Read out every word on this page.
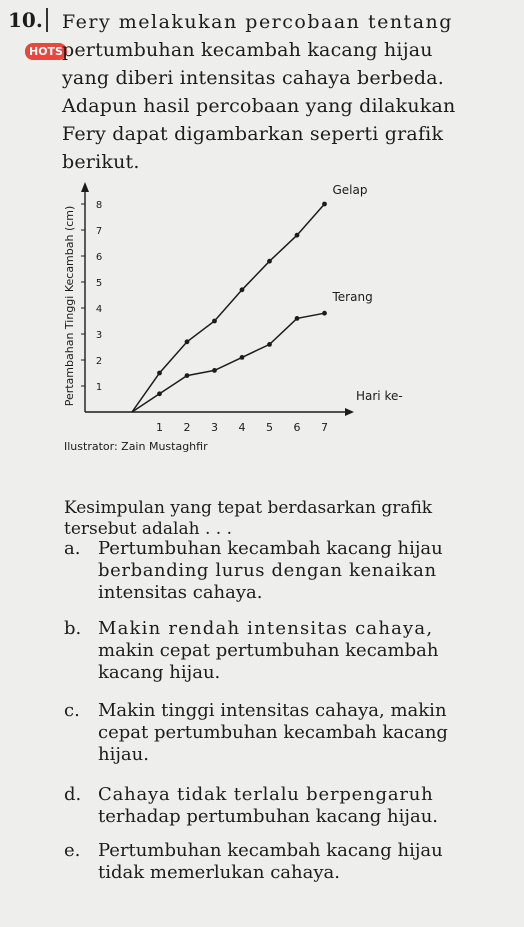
10.
HOTS
Fery melakukan percobaan tentang
pertumbuhan kecambah kacang hijau
yang diberi intensitas cahaya berbeda.
Adapun hasil percobaan yang dilakukan
Fery dapat digambarkan seperti grafik
berikut.
1
2
3
4
5
6
7
8
1 2 3 4 5 6 7
Hari ke-
Pertambahan Tinggi Kecambah (cm)
Gelap
Terang
Ilustrator: Zain Mustaghfir
Kesimpulan yang tepat berdasarkan grafik
tersebut adalah . . .
a. Pertumbuhan kecambah kacang hijau
berbanding lurus dengan kenaikan
intensitas cahaya.
b. Makin rendah intensitas cahaya,
makin cepat pertumbuhan kecambah
kacang hijau.
c. Makin tinggi intensitas cahaya, makin
cepat pertumbuhan kecambah kacang
hijau.
d. Cahaya tidak terlalu berpengaruh
terhadap pertumbuhan kacang hijau.
e. Pertumbuhan kecambah kacang hijau
tidak memerlukan cahaya.
